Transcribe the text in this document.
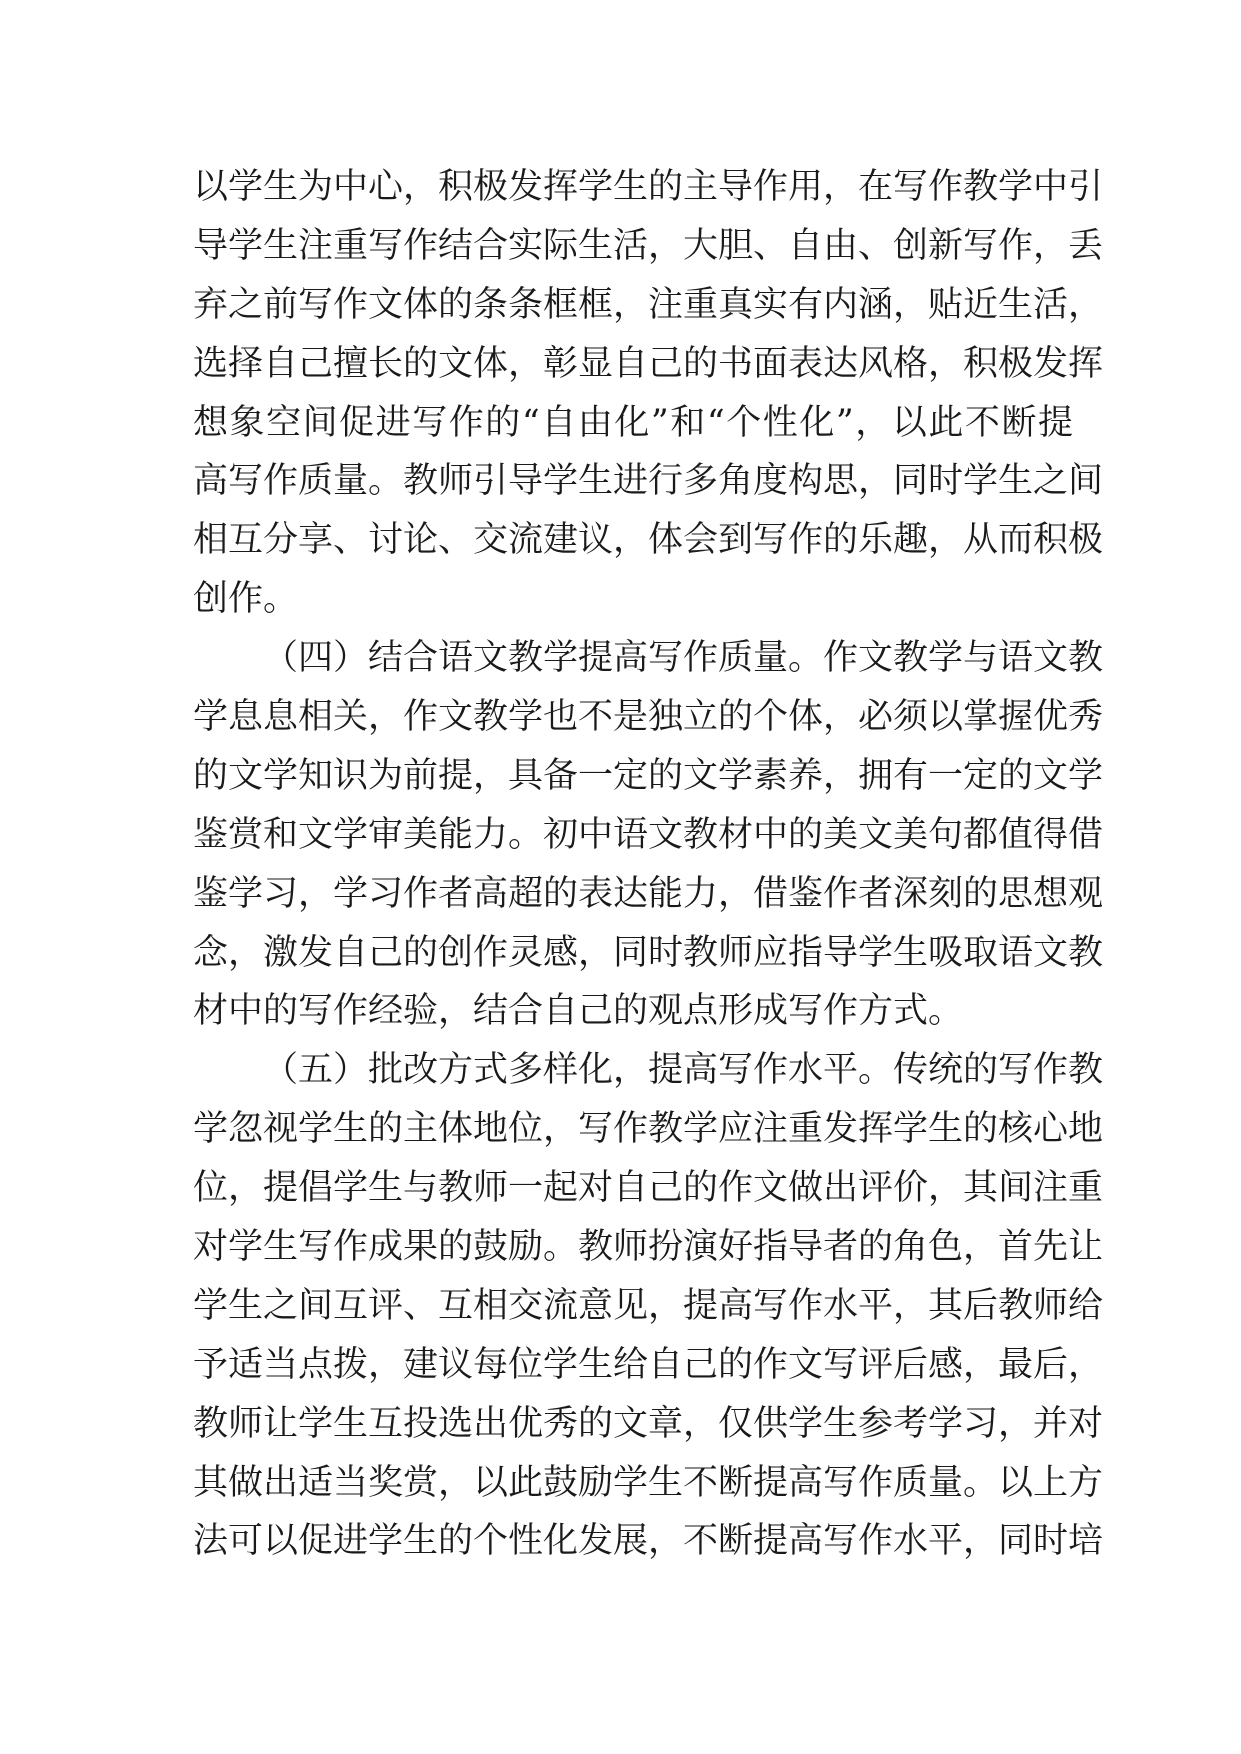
以学生为中心，积极发挥学生的主导作用，在写作教学中引
导学生注重写作结合实际生活，大胆、自由、创新写作，丢
弃之前写作文体的条条框框，注重真实有内涵，贴近生活，
选择自己擅长的文体，彰显自己的书面表达风格，积极发挥
想象空间促进写作的“自由化”和“个性化”，以此不断提
高写作质量。教师引导学生进行多角度构思，同时学生之间
相互分享、讨论、交流建议，体会到写作的乐趣，从而积极
创作。
（四）结合语文教学提高写作质量。作文教学与语文教
学息息相关，作文教学也不是独立的个体，必须以掌握优秀
的文学知识为前提，具备一定的文学素养，拥有一定的文学
鉴赏和文学审美能力。初中语文教材中的美文美句都值得借
鉴学习，学习作者高超的表达能力，借鉴作者深刻的思想观
念，激发自己的创作灵感，同时教师应指导学生吸取语文教
材中的写作经验，结合自己的观点形成写作方式。
（五）批改方式多样化，提高写作水平。传统的写作教
学忽视学生的主体地位，写作教学应注重发挥学生的核心地
位，提倡学生与教师一起对自己的作文做出评价，其间注重
对学生写作成果的鼓励。教师扮演好指导者的角色，首先让
学生之间互评、互相交流意见，提高写作水平，其后教师给
予适当点拨，建议每位学生给自己的作文写评后感，最后，
教师让学生互投选出优秀的文章，仅供学生参考学习，并对
其做出适当奖赏，以此鼓励学生不断提高写作质量。以上方
法可以促进学生的个性化发展，不断提高写作水平，同时培
